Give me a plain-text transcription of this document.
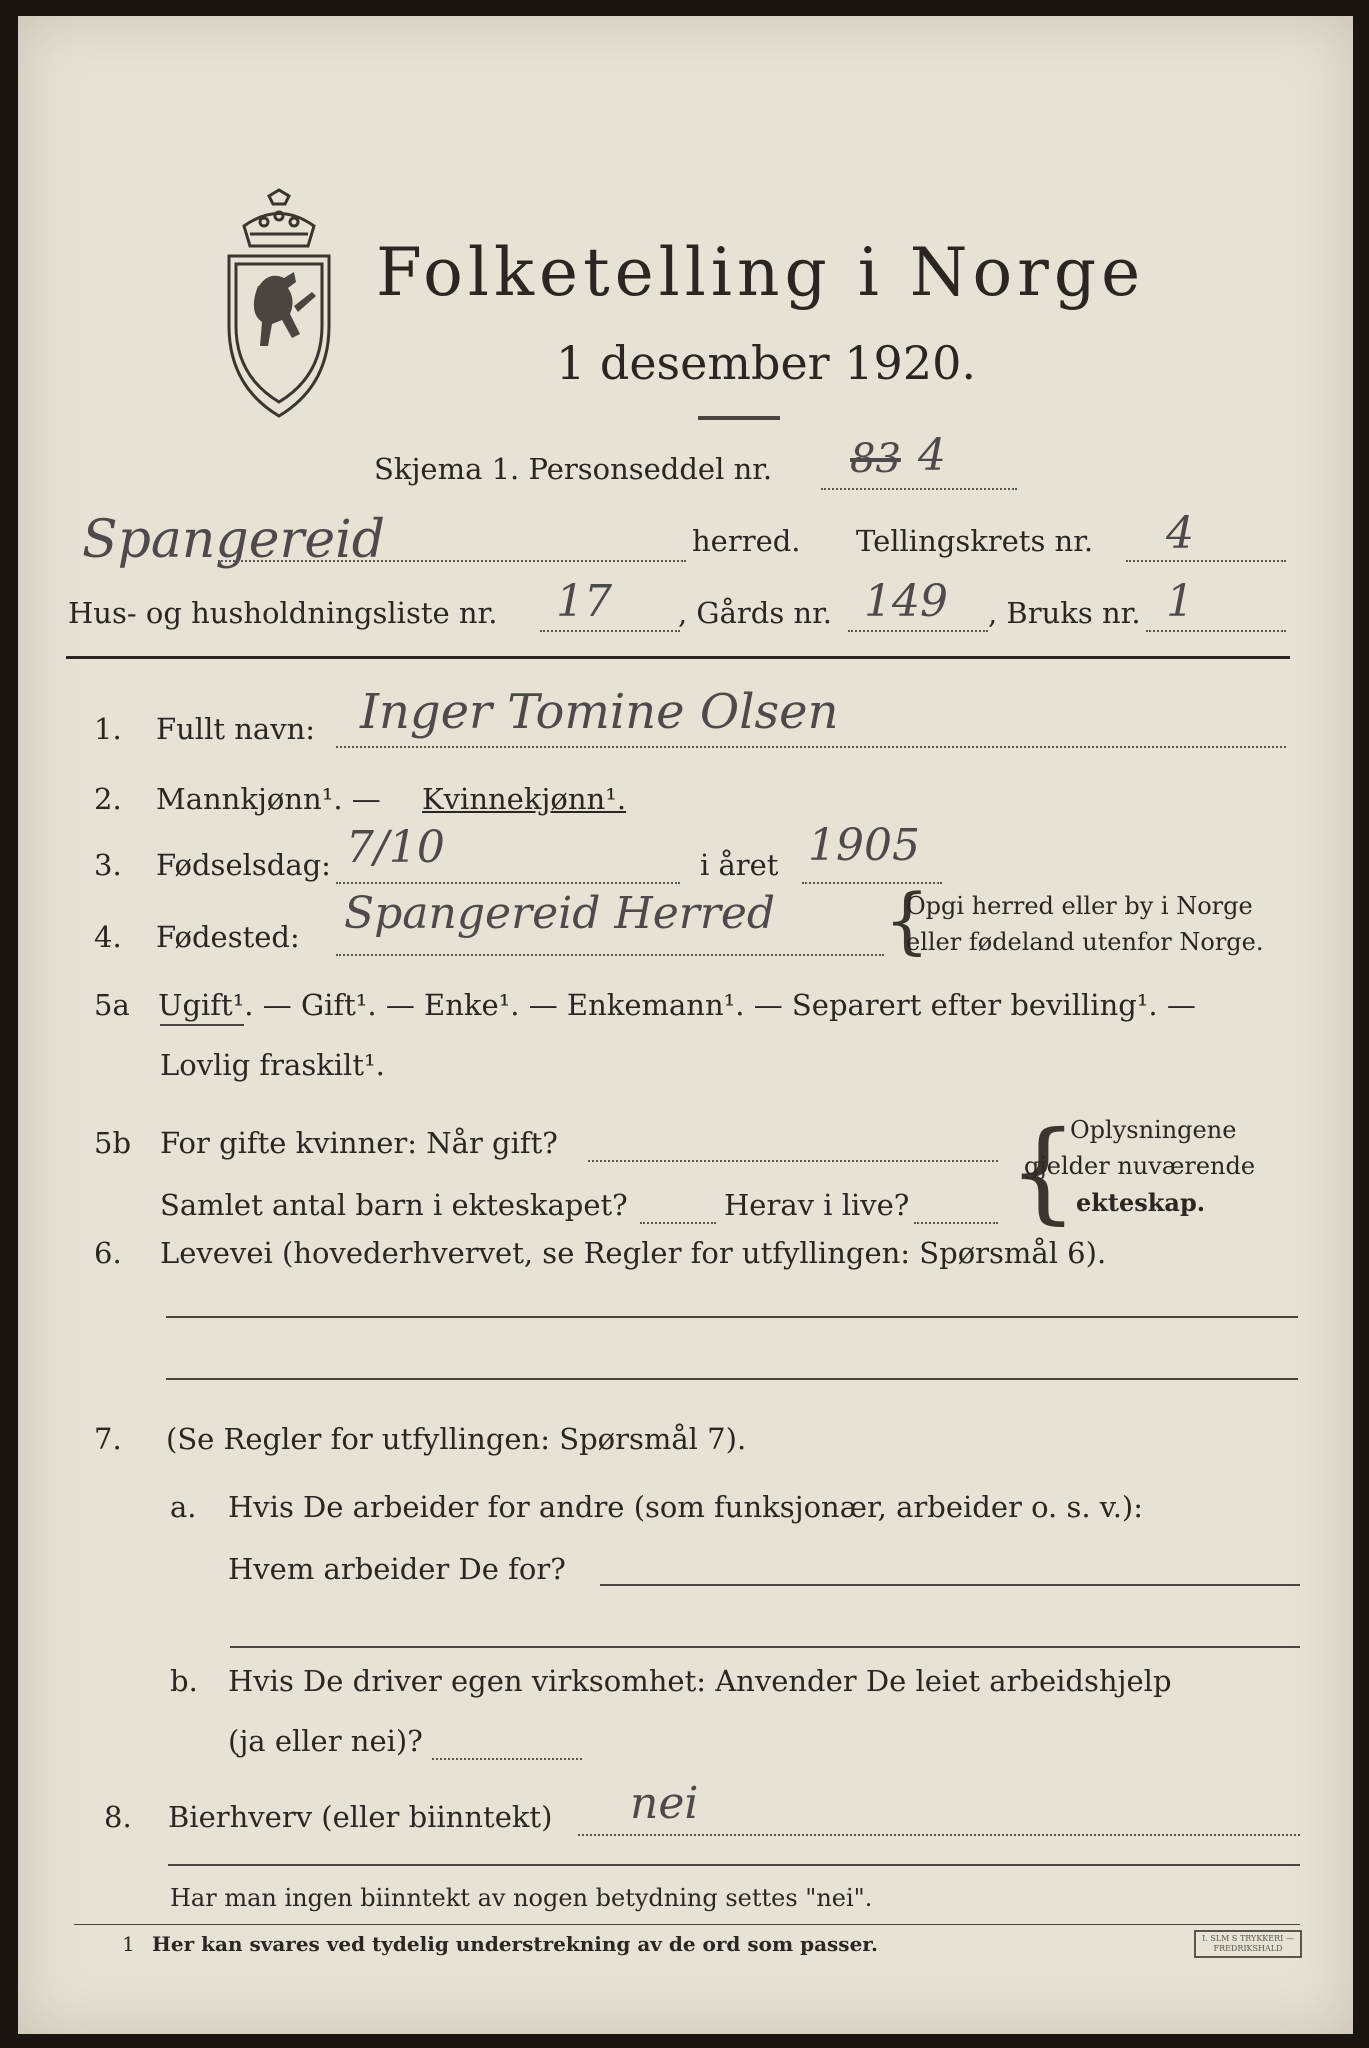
Folketelling i Norge
1 desember 1920.
Skjema 1. Personseddel nr. 83 4
Spangereid	herred. Tellingskrets nr. 4
Hus- og husholdningsliste nr. 17 , Gårds nr. 149 , Bruks nr. 1
1. Fullt navn: Inger Tomine Olsen
2. Mannkjønn¹. — Kvinnekjønn¹.
3. Fødselsdag: 7/10	i året 1905
4. Fødested: Spangereid Herred {
Opgi herred eller by i Norge
eller fødeland utenfor Norge.
5a Ugift¹. — Gift¹. — Enke¹. — Enkemann¹. — Separert efter bevilling¹. —
Lovlig fraskilt¹.
5b For gifte kvinner: Når gift?
Samlet antal barn i ekteskapet?	Herav i live? {
Oplysningene
gjelder nuværende
ekteskap.
6. Levevei (hovederhvervet, se Regler for utfyllingen: Spørsmål 6).
7. (Se Regler for utfyllingen: Spørsmål 7).
a. Hvis De arbeider for andre (som funksjonær, arbeider o. s. v.):
Hvem arbeider De for?
b. Hvis De driver egen virksomhet: Anvender De leiet arbeidshjelp
(ja eller nei)?
8. Bierhverv (eller biinntekt) nei
Har man ingen biinntekt av nogen betydning settes "nei".
1 Her kan svares ved tydelig understrekning av de ord som passer.	I. SLM S TRYKKERI — FREDRIKSHALD
